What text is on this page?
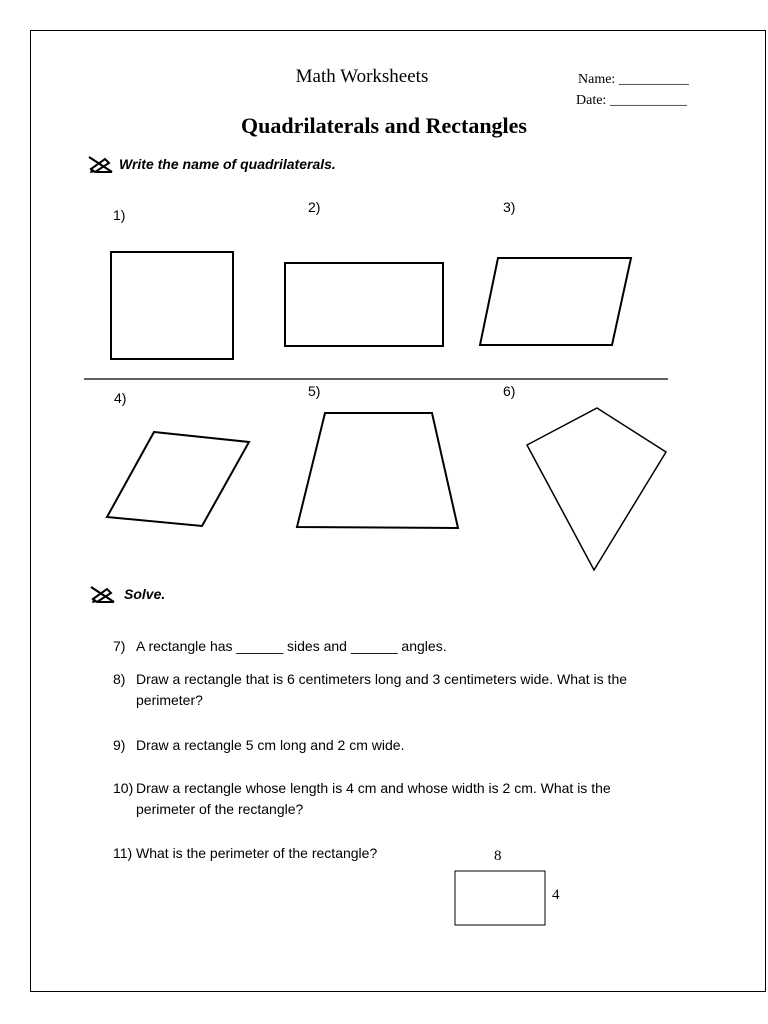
Math Worksheets	Name: __________
Date: ___________
Quadrilaterals and Rectangles
Write the name of quadrilaterals.
1)	2)	3)
4)	5)	6)
Solve.
7) A rectangle has ______ sides and ______ angles.
8) Draw a rectangle that is 6 centimeters long and 3 centimeters wide. What is the perimeter?
9) Draw a rectangle 5 cm long and 2 cm wide.
10) Draw a rectangle whose length is 4 cm and whose width is 2 cm. What is the perimeter of the rectangle?
11) What is the perimeter of the rectangle?	8
4
